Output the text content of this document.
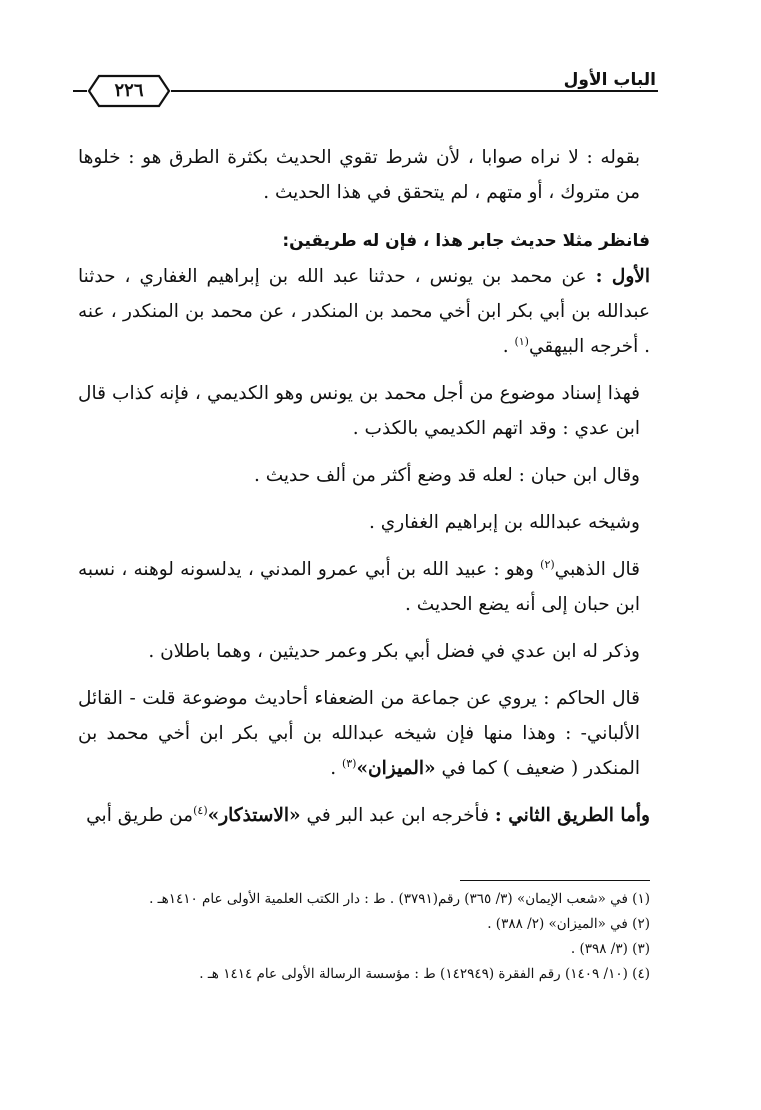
الباب الأول
٢٢٦

بقوله : لا نراه صوابا ، لأن شرط تقوي الحديث بكثرة الطرق هو : خلوها من متروك ، أو متهم ، لم يتحقق في هذا الحديث .

فانظر مثلا حديث جابر هذا ، فإن له طريقين:

الأول : عن محمد بن يونس ، حدثنا عبد الله بن إبراهيم الغفاري ، حدثنا عبدالله بن أبي بكر ابن أخي محمد بن المنكدر ، عن محمد بن المنكدر ، عنه . أخرجه البيهقي$^{(١)}$ .

فهذا إسناد موضوع من أجل محمد بن يونس وهو الكديمي ، فإنه كذاب قال ابن عدي : وقد اتهم الكديمي بالكذب .

وقال ابن حبان : لعله قد وضع أكثر من ألف حديث .

وشيخه عبدالله بن إبراهيم الغفاري .

قال الذهبي$^{(٢)}$ وهو : عبيد الله بن أبي عمرو المدني ، يدلسونه لوهنه ، نسبه ابن حبان إلى أنه يضع الحديث .

وذكر له ابن عدي في فضل أبي بكر وعمر حديثين ، وهما باطلان .

قال الحاكم : يروي عن جماعة من الضعفاء أحاديث موضوعة قلت - القائل الألباني- : وهذا منها فإن شيخه عبدالله بن أبي بكر ابن أخي محمد بن المنكدر ( ضعيف ) كما في «الميزان»$^{(٣)}$ .

وأما الطريق الثاني : فأخرجه ابن عبد البر في «الاستذكار»$^{(٤)}$من طريق أبي

(١) في «شعب الإيمان» (٣/ ٣٦٥) رقم(٣٧٩١) . ط : دار الكتب العلمية الأولى عام ١٤١٠هـ .

(٢) في «الميزان» (٢/ ٣٨٨) .

(٣) (٣/ ٣٩٨) .

(٤) (١٠/ ١٤٠٩) رقم الفقرة (١٤٢٩٤٩) ط : مؤسسة الرسالة الأولى عام ١٤١٤ هـ .
